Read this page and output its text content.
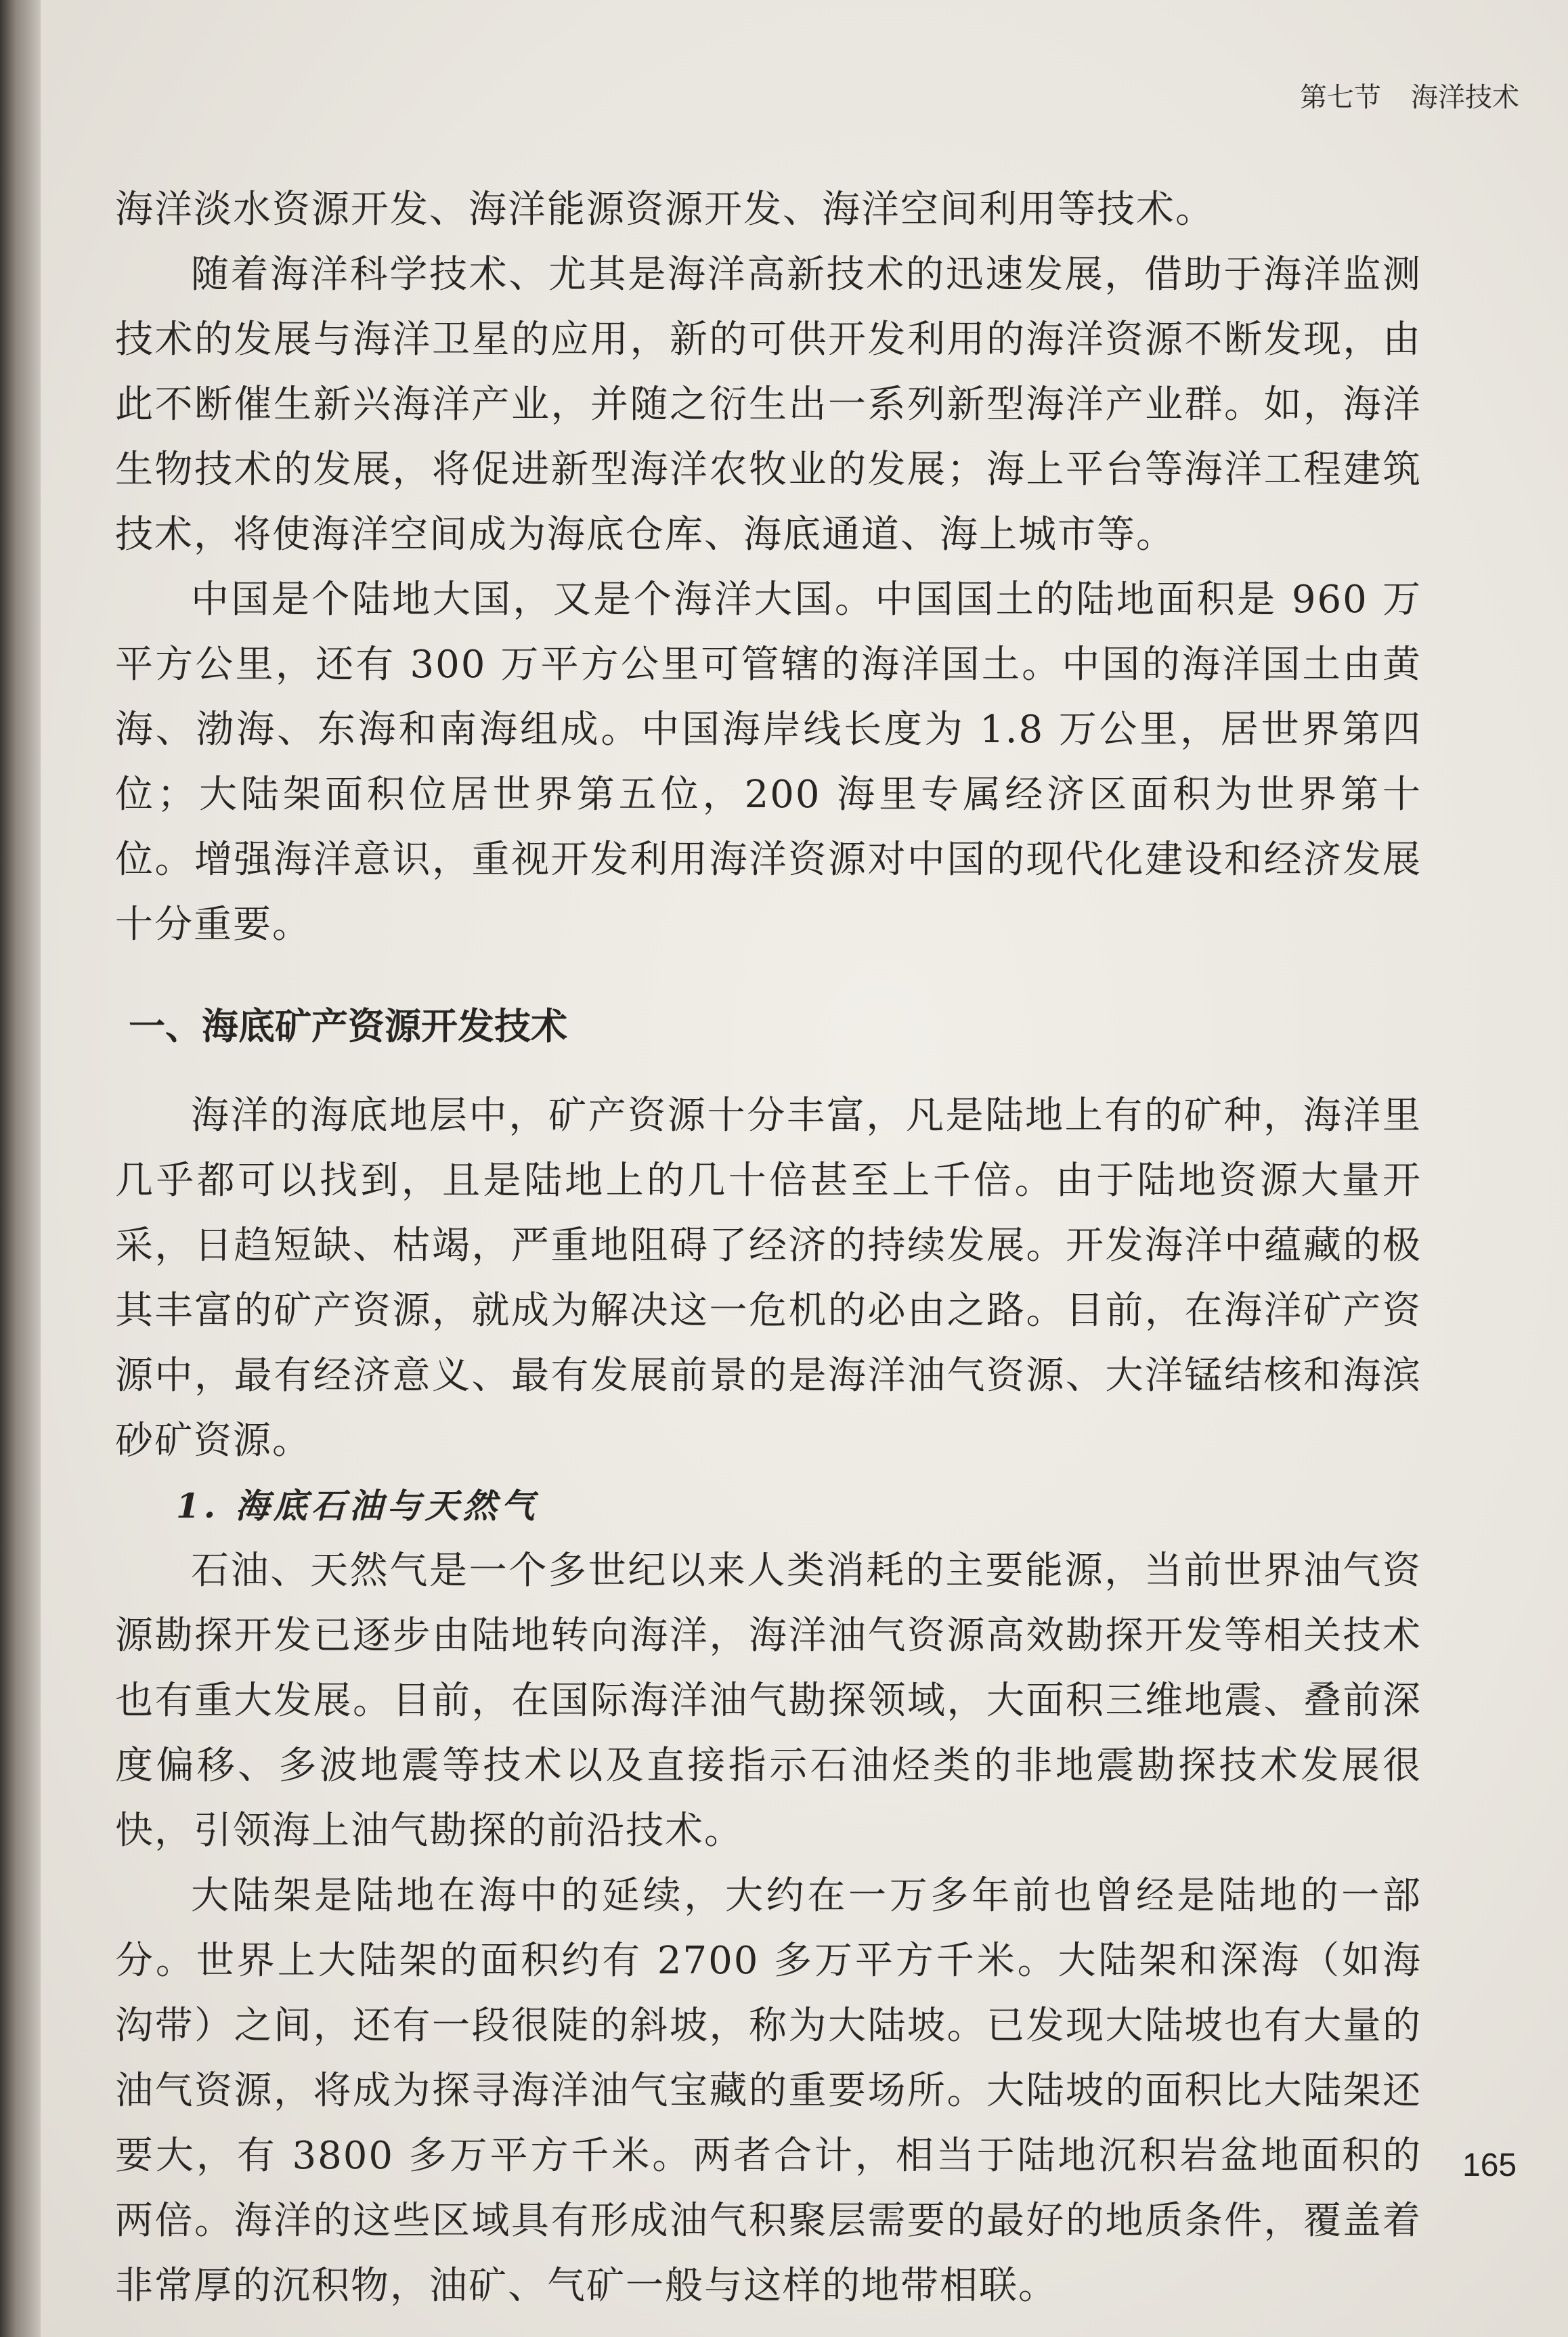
第七节 海洋技术

海洋淡水资源开发、海洋能源资源开发、海洋空间利用等技术。

随着海洋科学技术、尤其是海洋高新技术的迅速发展，借助于海洋监测技术的发展与海洋卫星的应用，新的可供开发利用的海洋资源不断发现，由此不断催生新兴海洋产业，并随之衍生出一系列新型海洋产业群。如，海洋生物技术的发展，将促进新型海洋农牧业的发展；海上平台等海洋工程建筑技术，将使海洋空间成为海底仓库、海底通道、海上城市等。

中国是个陆地大国，又是个海洋大国。中国国土的陆地面积是 960 万平方公里，还有 300 万平方公里可管辖的海洋国土。中国的海洋国土由黄海、渤海、东海和南海组成。中国海岸线长度为 1.8 万公里，居世界第四位；大陆架面积位居世界第五位，200 海里专属经济区面积为世界第十位。增强海洋意识，重视开发利用海洋资源对中国的现代化建设和经济发展十分重要。

一、海底矿产资源开发技术

海洋的海底地层中，矿产资源十分丰富，凡是陆地上有的矿种，海洋里几乎都可以找到，且是陆地上的几十倍甚至上千倍。由于陆地资源大量开采，日趋短缺、枯竭，严重地阻碍了经济的持续发展。开发海洋中蕴藏的极其丰富的矿产资源，就成为解决这一危机的必由之路。目前，在海洋矿产资源中，最有经济意义、最有发展前景的是海洋油气资源、大洋锰结核和海滨砂矿资源。

1. 海底石油与天然气

石油、天然气是一个多世纪以来人类消耗的主要能源，当前世界油气资源勘探开发已逐步由陆地转向海洋，海洋油气资源高效勘探开发等相关技术也有重大发展。目前，在国际海洋油气勘探领域，大面积三维地震、叠前深度偏移、多波地震等技术以及直接指示石油烃类的非地震勘探技术发展很快，引领海上油气勘探的前沿技术。

大陆架是陆地在海中的延续，大约在一万多年前也曾经是陆地的一部分。世界上大陆架的面积约有 2700 多万平方千米。大陆架和深海（如海沟带）之间，还有一段很陡的斜坡，称为大陆坡。已发现大陆坡也有大量的油气资源，将成为探寻海洋油气宝藏的重要场所。大陆坡的面积比大陆架还要大，有 3800 多万平方千米。两者合计，相当于陆地沉积岩盆地面积的两倍。海洋的这些区域具有形成油气积聚层需要的最好的地质条件，覆盖着非常厚的沉积物，油矿、气矿一般与这样的地带相联。

165
